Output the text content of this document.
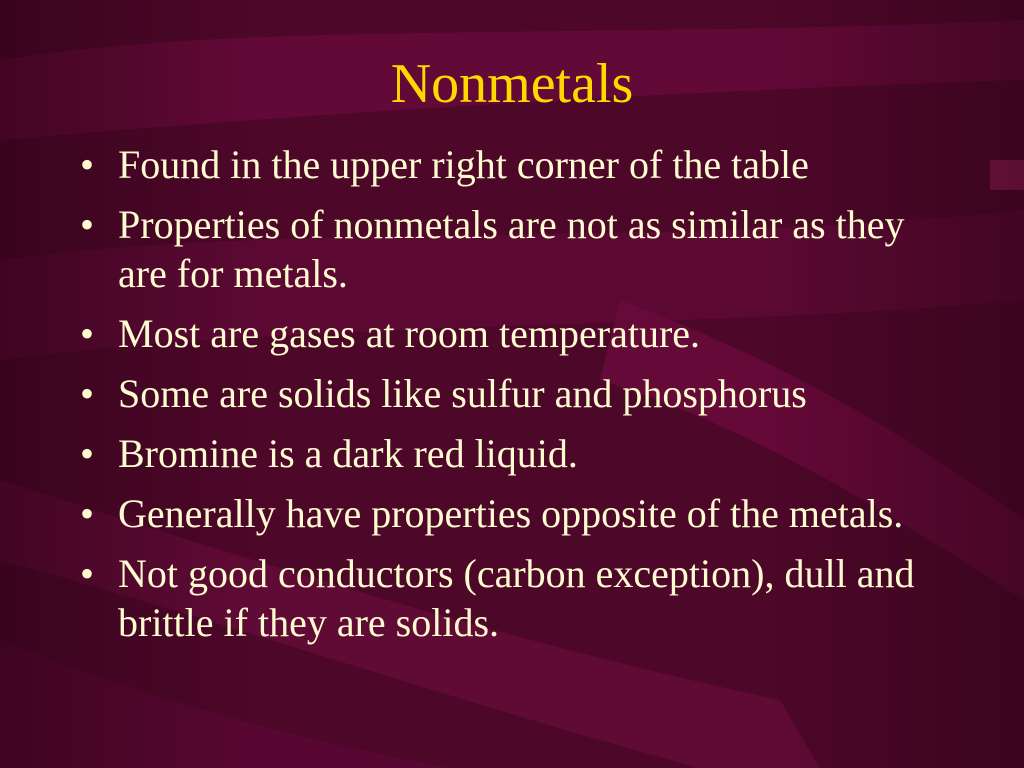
Nonmetals
• Found in the upper right corner of the table
• Properties of nonmetals are not as similar as they are for metals.
• Most are gases at room temperature.
• Some are solids like sulfur and phosphorus
• Bromine is a dark red liquid.
• Generally have properties opposite of the metals.
• Not good conductors (carbon exception), dull and brittle if they are solids.
